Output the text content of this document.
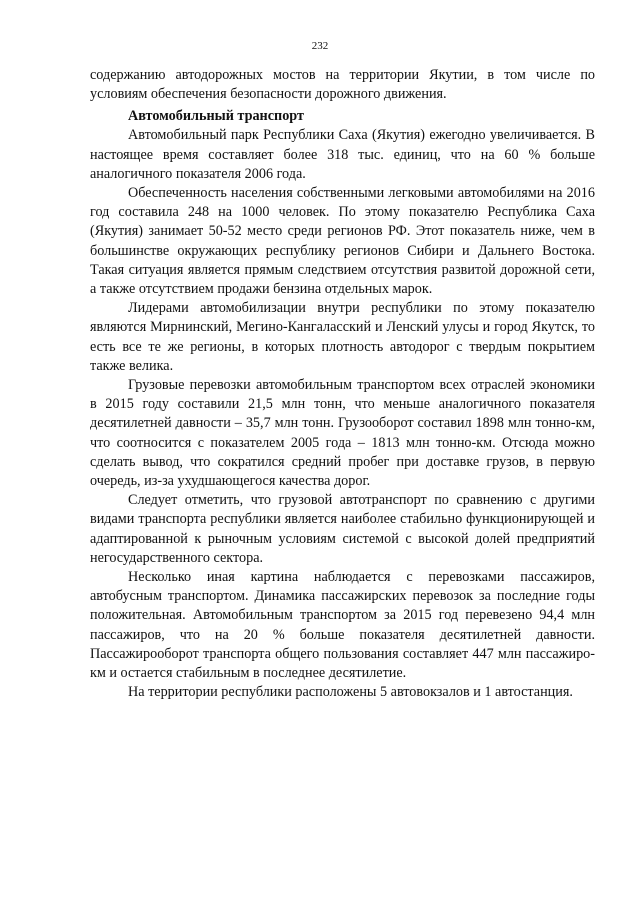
232

содержанию автодорожных мостов на территории Якутии, в том числе по условиям обеспечения безопасности дорожного движения.

Автомобильный транспорт

Автомобильный парк Республики Саха (Якутия) ежегодно увеличивается. В настоящее время составляет более 318 тыс. единиц, что на 60 % больше аналогичного показателя 2006 года.

Обеспеченность населения собственными легковыми автомобилями на 2016 год составила 248 на 1000 человек. По этому показателю Республика Саха (Якутия) занимает 50-52 место среди регионов РФ. Этот показатель ниже, чем в большинстве окружающих республику регионов Сибири и Дальнего Востока. Такая ситуация является прямым следствием отсутствия развитой дорожной сети, а также отсутствием продажи бензина отдельных марок.

Лидерами автомобилизации внутри республики по этому показателю являются Мирнинский, Мегино-Кангаласский и Ленский улусы и город Якутск, то есть все те же регионы, в которых плотность автодорог с твердым покрытием также велика.

Грузовые перевозки автомобильным транспортом всех отраслей экономики в 2015 году составили 21,5 млн тонн, что меньше аналогичного показателя десятилетней давности – 35,7 млн тонн. Грузооборот составил 1898 млн тонно-км, что соотносится с показателем 2005 года – 1813 млн тонно-км. Отсюда можно сделать вывод, что сократился средний пробег при доставке грузов, в первую очередь, из-за ухудшающегося качества дорог.

Следует отметить, что грузовой автотранспорт по сравнению с другими видами транспорта республики является наиболее стабильно функционирующей и адаптированной к рыночным условиям системой с высокой долей предприятий негосударственного сектора.

Несколько иная картина наблюдается с перевозками пассажиров, автобусным транспортом. Динамика пассажирских перевозок за последние годы положительная. Автомобильным транспортом за 2015 год перевезено 94,4 млн пассажиров, что на 20 % больше показателя десятилетней давности. Пассажирооборот транспорта общего пользования составляет 447 млн пассажиро-км и остается стабильным в последнее десятилетие.

На территории республики расположены 5 автовокзалов и 1 автостанция.
